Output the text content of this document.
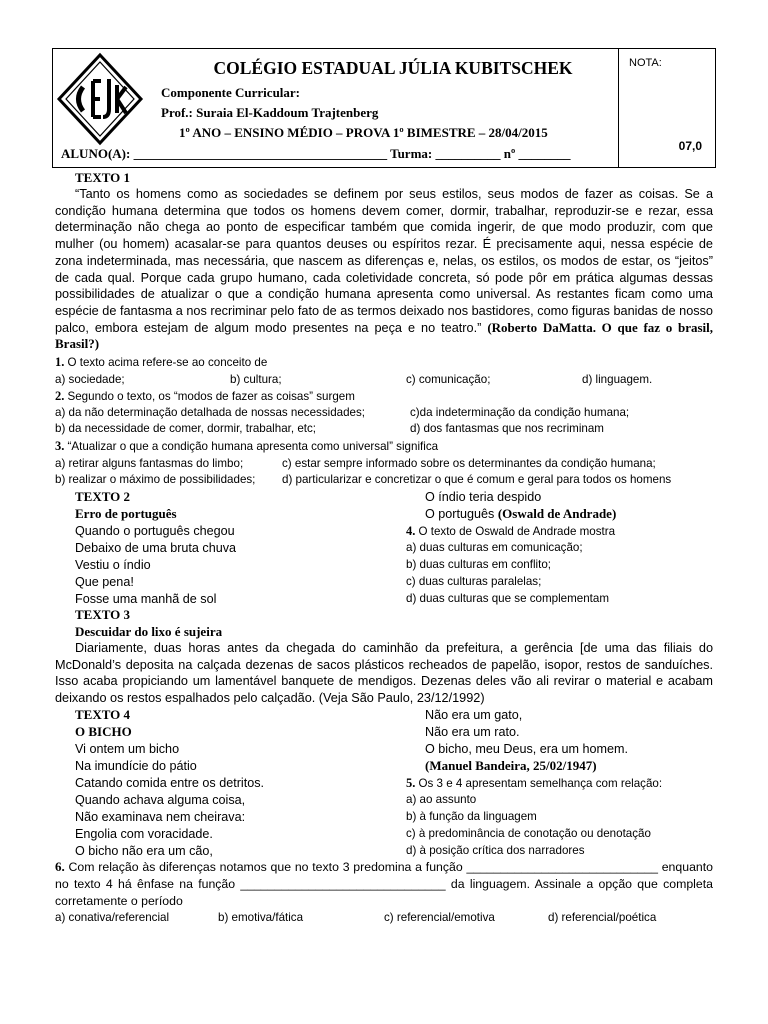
COLÉGIO ESTADUAL JÚLIA KUBITSCHEK
Componente Curricular:
Prof.: Suraia El-Kaddoum Trajtenberg
1º ANO – ENSINO MÉDIO – PROVA 1º BIMESTRE – 28/04/2015
ALUNO(A): _______________________________________ Turma: __________ nº ________
NOTA:
07,0
TEXTO 1
“Tanto os homens como as sociedades se definem por seus estilos, seus modos de fazer as coisas. Se a condição humana determina que todos os homens devem comer, dormir, trabalhar, reproduzir-se e rezar, essa determinação não chega ao ponto de especificar também que comida ingerir, de que modo produzir, com que mulher (ou homem) acasalar-se para quantos deuses ou espíritos rezar. É precisamente aqui, nessa espécie de zona indeterminada, mas necessária, que nascem as diferenças e, nelas, os estilos, os modos de estar, os “jeitos” de cada qual. Porque cada grupo humano, cada coletividade concreta, só pode pôr em prática algumas dessas possibilidades de atualizar o que a condição humana apresenta como universal. As restantes ficam como uma espécie de fantasma a nos recriminar pelo fato de as termos deixado nos bastidores, como figuras banidas de nosso palco, embora estejam de algum modo presentes na peça e no teatro.” (Roberto DaMatta. O que faz o brasil, Brasil?)
1. O texto acima refere-se ao conceito de
a) sociedade;	b) cultura;	c) comunicação;	d) linguagem.
2. Segundo o texto, os “modos de fazer as coisas” surgem
a) da não determinação detalhada de nossas necessidades;	c)da indeterminação da condição humana;
b) da necessidade de comer, dormir, trabalhar, etc;	d) dos fantasmas que nos recriminam
3. “Atualizar o que a condição humana apresenta como universal” significa
a) retirar alguns fantasmas do limbo;	c) estar sempre informado sobre os determinantes da condição humana;
b) realizar o máximo de possibilidades; d) particularizar e concretizar o que é comum e geral para todos os homens
TEXTO 2
Erro de português
Quando o português chegou
Debaixo de uma bruta chuva
Vestiu o índio
Que pena!
Fosse uma manhã de sol
O índio teria despido
O português (Oswald de Andrade)
4. O texto de Oswald de Andrade mostra
a) duas culturas em comunicação;
b) duas culturas em conflito;
c) duas culturas paralelas;
d) duas culturas que se complementam
TEXTO 3
Descuidar do lixo é sujeira
Diariamente, duas horas antes da chegada do caminhão da prefeitura, a gerência [de uma das filiais do McDonald’s deposita na calçada dezenas de sacos plásticos recheados de papelão, isopor, restos de sanduíches. Isso acaba propiciando um lamentável banquete de mendigos. Dezenas deles vão ali revirar o material e acabam deixando os restos espalhados pelo calçadão. (Veja São Paulo, 23/12/1992)
TEXTO 4
O BICHO
Vi ontem um bicho
Na imundície do pátio
Catando comida entre os detritos.
Quando achava alguma coisa,
Não examinava nem cheirava:
Engolia com voracidade.
O bicho não era um cão,
Não era um gato,
Não era um rato.
O bicho, meu Deus, era um homem.
(Manuel Bandeira, 25/02/1947)
5. Os 3 e 4 apresentam semelhança com relação:
a) ao assunto
b) à função da linguagem
c) à predominância de conotação ou denotação
d) à posição crítica dos narradores
6. Com relação às diferenças notamos que no texto 3 predomina a função ____________________________ enquanto no texto 4 há ênfase na função ______________________________ da linguagem. Assinale a opção que completa corretamente o período
a) conativa/referencial	b) emotiva/fática	c) referencial/emotiva	d) referencial/poética
